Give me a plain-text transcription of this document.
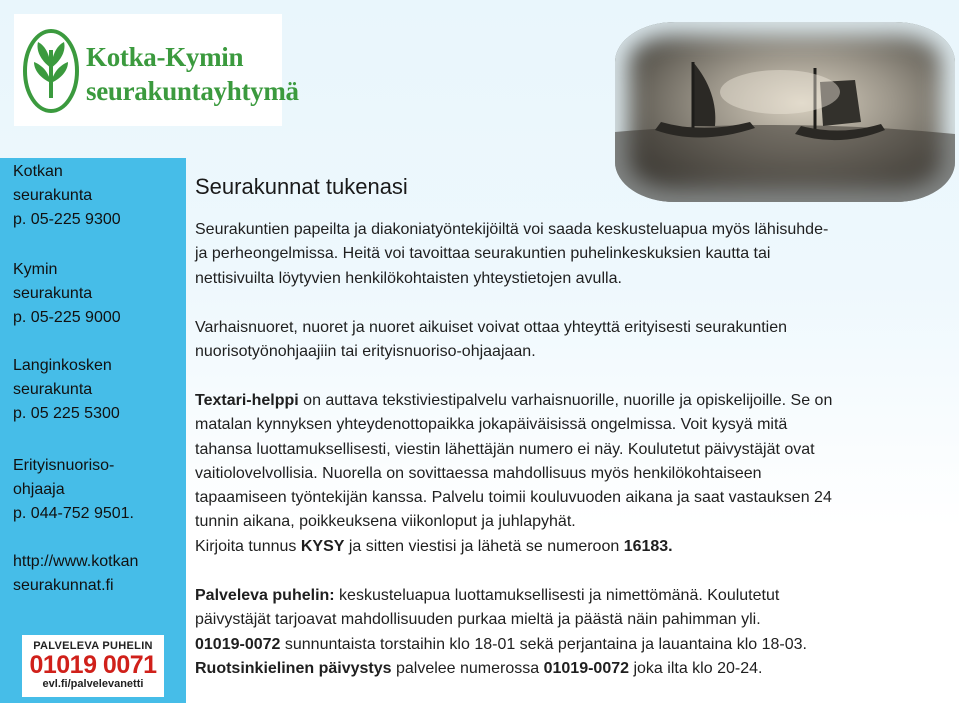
Kotka-Kymin
seurakuntayhtymä
Kotkan
seurakunta
p. 05-225 9300
Kymin
seurakunta
p. 05-225 9000
Langinkosken
seurakunta
p. 05 225 5300
Erityisnuoriso-
ohjaaja
p. 044-752 9501.
http://www.kotkan
seurakunnat.fi
PALVELEVA PUHELIN
01019 0071
evl.fi/palvelevanetti
Seurakunnat tukenasi
Seurakuntien papeilta ja diakoniatyöntekijöiltä voi saada keskusteluapua myös lähisuhde-
ja perheongelmissa. Heitä voi tavoittaa seurakuntien puhelinkeskuksien kautta tai
nettisivuilta löytyvien henkilökohtaisten yhteystietojen avulla.
Varhaisnuoret, nuoret ja nuoret aikuiset voivat ottaa yhteyttä erityisesti seurakuntien
nuorisotyönohjaajiin tai erityisnuoriso-ohjaajaan.
Textari-helppi on auttava tekstiviestipalvelu varhaisnuorille, nuorille ja opiskelijoille. Se on
matalan kynnyksen yhteydenottopaikka jokapäiväisissä ongelmissa. Voit kysyä mitä
tahansa luottamuksellisesti, viestin lähettäjän numero ei näy. Koulutetut päivystäjät ovat
vaitiolovelvollisia. Nuorella on sovittaessa mahdollisuus myös henkilökohtaiseen
tapaamiseen työntekijän kanssa. Palvelu toimii kouluvuoden aikana ja saat vastauksen 24
tunnin aikana, poikkeuksena viikonloput ja juhlapyhät.
Kirjoita tunnus KYSY ja sitten viestisi ja lähetä se numeroon 16183.
Palveleva puhelin: keskusteluapua luottamuksellisesti ja nimettömänä. Koulutetut
päivystäjät tarjoavat mahdollisuuden purkaa mieltä ja päästä näin pahimman yli.
01019-0072 sunnuntaista torstaihin klo 18-01 sekä perjantaina ja lauantaina klo 18-03.
Ruotsinkielinen päivystys palvelee numerossa 01019-0072 joka ilta klo 20-24.
